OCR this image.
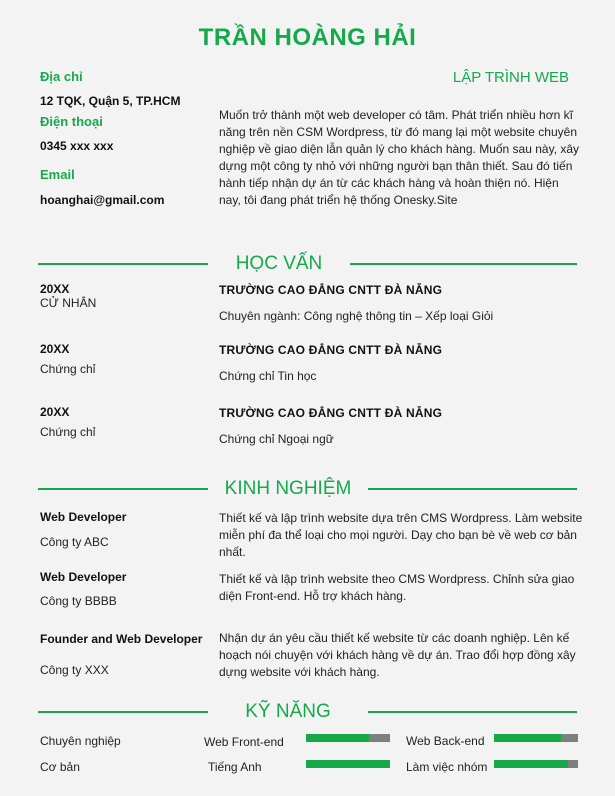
TRẦN HOÀNG HẢI
Địa chỉ
12 TQK, Quận 5, TP.HCM
Điện thoại
0345 xxx xxx
Email
hoanghai@gmail.com
LẬP TRÌNH WEB
Muốn trở thành một web developer có tâm. Phát triển nhiều hơn kĩ năng trên nền CSM Wordpress, từ đó mang lại một website chuyên nghiệp về giao diện lẫn quản lý cho khách hàng. Muốn sau này, xây dựng một công ty nhỏ với những người bạn thân thiết. Sau đó tiến hành tiếp nhận dự án từ các khách hàng và hoàn thiện nó. Hiện nay, tôi đang phát triển hệ thống Onesky.Site
HỌC VẤN
20XX
CỬ NHÂN
TRƯỜNG CAO ĐẲNG CNTT ĐÀ NẴNG
Chuyên ngành: Công nghệ thông tin – Xếp loại Giỏi
20XX
Chứng chỉ
TRƯỜNG CAO ĐẲNG CNTT ĐÀ NẴNG
Chứng chỉ Tin học
20XX
Chứng chỉ
TRƯỜNG CAO ĐẲNG CNTT ĐÀ NẴNG
Chứng chỉ Ngoại ngữ
KINH NGHIỆM
Web Developer
Công ty ABC
Thiết kế và lập trình website dựa trên CMS Wordpress. Làm website miễn phí đa thể loại cho mọi người. Dạy cho bạn bè về web cơ bản nhất.
Web Developer
Công ty BBBB
Thiết kế và lập trình website theo CMS Wordpress. Chỉnh sửa giao diện Front-end. Hỗ trợ khách hàng.
Founder and Web Developer
Công ty XXX
Nhận dự án yêu cầu thiết kế website từ các doanh nghiệp. Lên kế hoạch nói chuyện với khách hàng về dự án. Trao đổi hợp đồng xây dựng website với khách hàng.
KỸ NĂNG
Chuyên nghiệp
Cơ bản
Web Front-end	Web Back-end
Tiếng Anh	Làm việc nhóm
